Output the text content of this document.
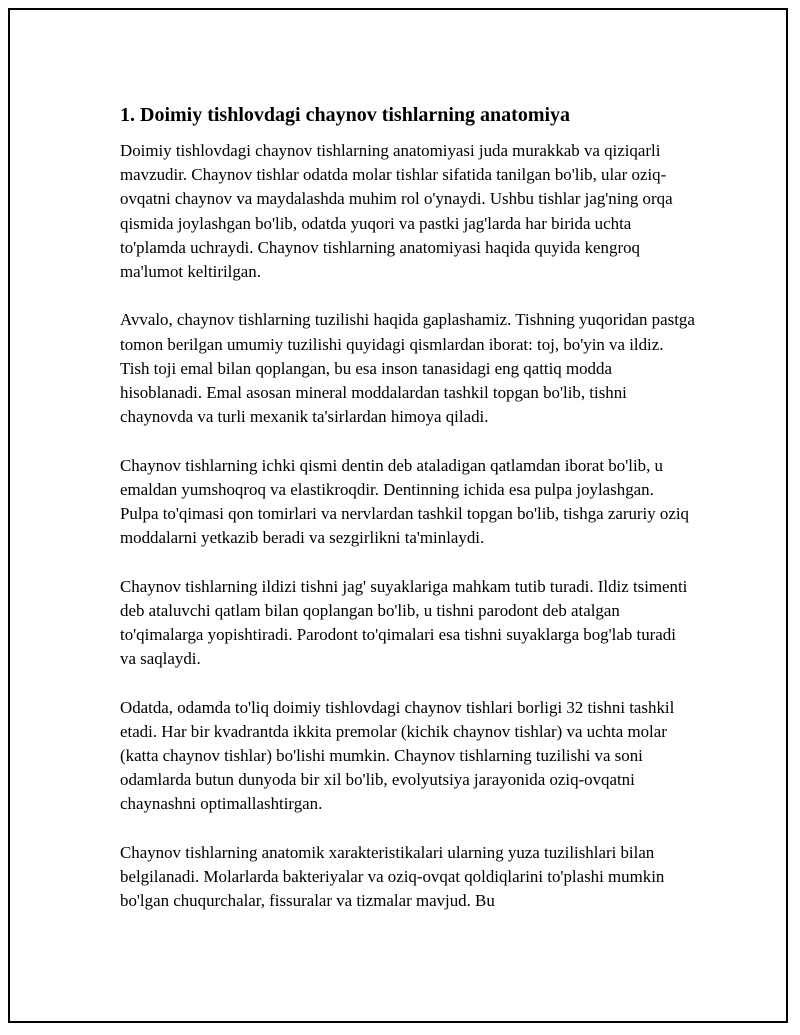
1. Doimiy tishlovdagi chaynov tishlarning anatomiya

Doimiy tishlovdagi chaynov tishlarning anatomiyasi juda murakkab va qiziqarli mavzudir. Chaynov tishlar odatda molar tishlar sifatida tanilgan bo'lib, ular oziq-ovqatni chaynov va maydalashda muhim rol o'ynaydi. Ushbu tishlar jag'ning orqa qismida joylashgan bo'lib, odatda yuqori va pastki jag'larda har birida uchta to'plamda uchraydi. Chaynov tishlarning anatomiyasi haqida quyida kengroq ma'lumot keltirilgan.

Avvalo, chaynov tishlarning tuzilishi haqida gaplashamiz. Tishning yuqoridan pastga tomon berilgan umumiy tuzilishi quyidagi qismlardan iborat: toj, bo'yin va ildiz. Tish toji emal bilan qoplangan, bu esa inson tanasidagi eng qattiq modda hisoblanadi. Emal asosan mineral moddalardan tashkil topgan bo'lib, tishni chaynovda va turli mexanik ta'sirlardan himoya qiladi.

Chaynov tishlarning ichki qismi dentin deb ataladigan qatlamdan iborat bo'lib, u emaldan yumshoqroq va elastikroqdir. Dentinning ichida esa pulpa joylashgan. Pulpa to'qimasi qon tomirlari va nervlardan tashkil topgan bo'lib, tishga zaruriy oziq moddalarni yetkazib beradi va sezgirlikni ta'minlaydi.

Chaynov tishlarning ildizi tishni jag' suyaklariga mahkam tutib turadi. Ildiz tsimenti deb ataluvchi qatlam bilan qoplangan bo'lib, u tishni parodont deb atalgan to'qimalarga yopishtiradi. Parodont to'qimalari esa tishni suyaklarga bog'lab turadi va saqlaydi.

Odatda, odamda to'liq doimiy tishlovdagi chaynov tishlari borligi 32 tishni tashkil etadi. Har bir kvadrantda ikkita premolar (kichik chaynov tishlar) va uchta molar (katta chaynov tishlar) bo'lishi mumkin. Chaynov tishlarning tuzilishi va soni odamlarda butun dunyoda bir xil bo'lib, evolyutsiya jarayonida oziq-ovqatni chaynashni optimallashtirgan.

Chaynov tishlarning anatomik xarakteristikalari ularning yuza tuzilishlari bilan belgilanadi. Molarlarda bakteriyalar va oziq-ovqat qoldiqlarini to'plashi mumkin bo'lgan chuqurchalar, fissuralar va tizmalar mavjud. Bu
